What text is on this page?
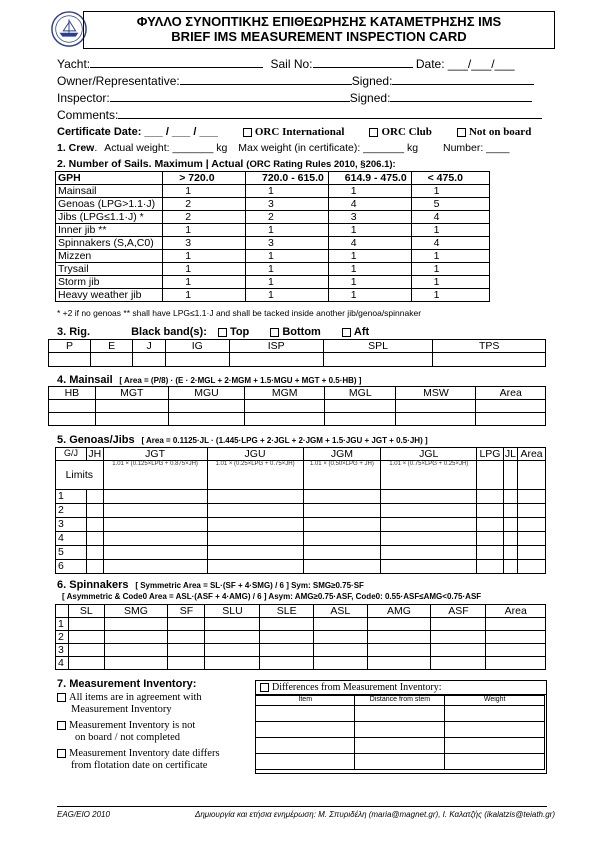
ΦΥΛΛΟ ΣΥΝΟΠΤΙΚΗΣ ΕΠΙΘΕΩΡΗΣΗΣ ΚΑΤΑΜΕΤΡΗΣΗΣ IMS
BRIEF IMS MEASUREMENT INSPECTION CARD
Yacht:	Sail No:	Date: ___/___/___
Owner/Representative:	Signed:
Inspector:	Signed:
Comments:
Certificate Date: ___ / ___ / ___	ORC International	ORC Club	Not on board
1. Crew. Actual weight: _______ kg Max weight (in certificate): _______ kg Number: ____
2. Number of Sails. Maximum | Actual (ORC Rating Rules 2010, §206.1):
GPH	> 720.0	720.0 - 615.0	614.9 - 475.0	< 475.0
Mainsail	1	1	1	1
Genoas (LPG>1.1·J)	2	3	4	5
Jibs (LPG≤1.1·J) *	2	2	3	4
Inner jib **	1	1	1	1
Spinnakers (S,A,C0)	3	3	4	4
Mizzen	1	1	1	1
Trysail	1	1	1	1
Storm jib	1	1	1	1
Heavy weather jib	1	1	1	1
* +2 if no genoas ** shall have LPG≤1.1·J and shall be tacked inside another jib/genoa/spinnaker
3. Rig.	Black band(s): Top	Bottom	Aft
P	E	J	IG	ISP	SPL	TPS

4. Mainsail [ Area = (P/8) · (E · 2·MGL + 2·MGM + 1.5·MGU + MGT + 0.5·HB) ]
HB	MGT	MGU	MGM	MGL	MSW	Area

5. Genoas/Jibs [ Area = 0.1125·JL · (1.445·LPG + 2·JGL + 2·JGM + 1.5·JGU + JGT + 0.5·JH) ]
G/J	JH	JGT	JGU	JGM	JGL	LPG	JL	Area
Limits		1.01 × (0.125×LPG + 0.875×JH)	1.01 × (0.25×LPG + 0.75×JH)	1.01 × (0.50×LPG + JH)	1.01 × (0.75×LPG + 0.25×JH)			

1								
2								
3								
4								
5								
6								
6. Spinnakers [ Symmetric Area = SL·(SF + 4·SMG) / 6 ] Sym: SMG≥0.75·SF
[ Asymmetric & Code0 Area = ASL·(ASF + 4·AMG) / 6 ] Asym: AMG≥0.75·ASF, Code0: 0.55·ASF≤AMG<0.75·ASF
	SL	SMG	SF	SLU	SLE	ASL	AMG	ASF	Area
1									
2									
3									
4									
7. Measurement Inventory:
All items are in agreement with
Measurement Inventory
Measurement Inventory is not
on board / not completed
Measurement Inventory date differs
from flotation date on certificate
Differences from Measurement Inventory:
Item	Distance from stem	Weight

EAG/EIO 2010	Δημιουργία και ετήσια ενημέρωση: Μ. Σπυριδέλη (maria@magnet.gr), Ι. Καλατζής (ikalatzis@teiath.gr)
